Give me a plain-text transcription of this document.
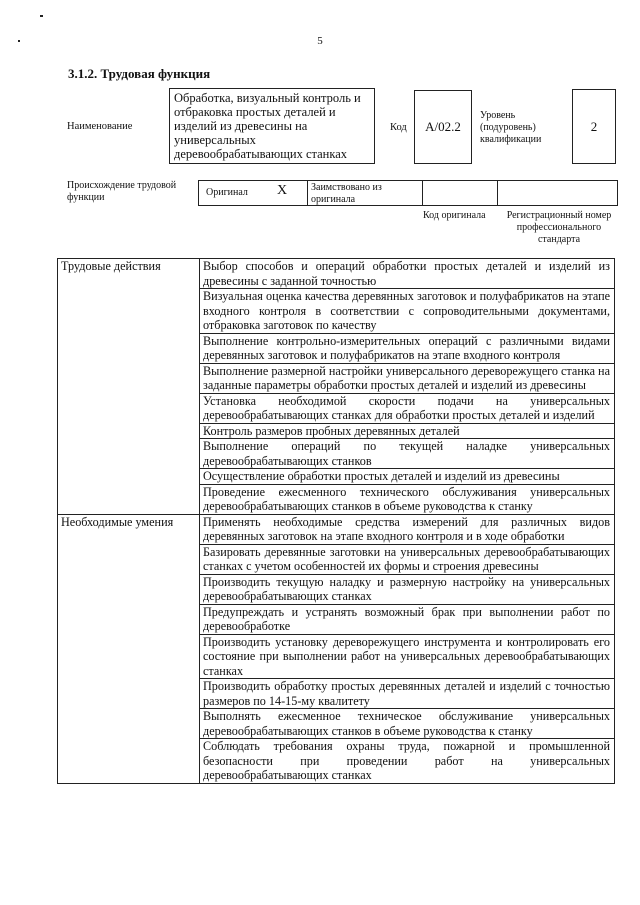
5
3.1.2. Трудовая функция
Наименование
Обработка, визуальный контроль и отбраковка простых деталей и изделий из древесины на универсальных деревообрабатывающих станках
Код А/02.2
Уровень (подуровень) квалификации
2
Происхождение трудовой функции	Оригинал X Заимствовано из оригинала
Код оригинала	Регистрационный номер профессионального стандарта
Трудовые действия	Выбор способов и операций обработки простых деталей и изделий из древесины с заданной точностью
	Визуальная оценка качества деревянных заготовок и полуфабрикатов на этапе входного контроля в соответствии с сопроводительными документами, отбраковка заготовок по качеству
	Выполнение контрольно-измерительных операций с различными видами деревянных заготовок и полуфабрикатов на этапе входного контроля
	Выполнение размерной настройки универсального дереворежущего станка на заданные параметры обработки простых деталей и изделий из древесины
	Установка необходимой скорости подачи на универсальных деревообрабатывающих станках для обработки простых деталей и изделий
	Контроль размеров пробных деревянных деталей
	Выполнение операций по текущей наладке универсальных деревообрабатывающих станков
	Осуществление обработки простых деталей и изделий из древесины
	Проведение ежесменного технического обслуживания универсальных деревообрабатывающих станков в объеме руководства к станку
Необходимые умения	Применять необходимые средства измерений для различных видов деревянных заготовок на этапе входного контроля и в ходе обработки
	Базировать деревянные заготовки на универсальных деревообрабатывающих станках с учетом особенностей их формы и строения древесины
	Производить текущую наладку и размерную настройку на универсальных деревообрабатывающих станках
	Предупреждать и устранять возможный брак при выполнении работ по деревообработке
	Производить установку дереворежущего инструмента и контролировать его состояние при выполнении работ на универсальных деревообрабатывающих станках
	Производить обработку простых деревянных деталей и изделий с точностью размеров по 14-15-му квалитету
	Выполнять ежесменное техническое обслуживание универсальных деревообрабатывающих станков в объеме руководства к станку
	Соблюдать требования охраны труда, пожарной и промышленной безопасности при проведении работ на универсальных деревообрабатывающих станках
